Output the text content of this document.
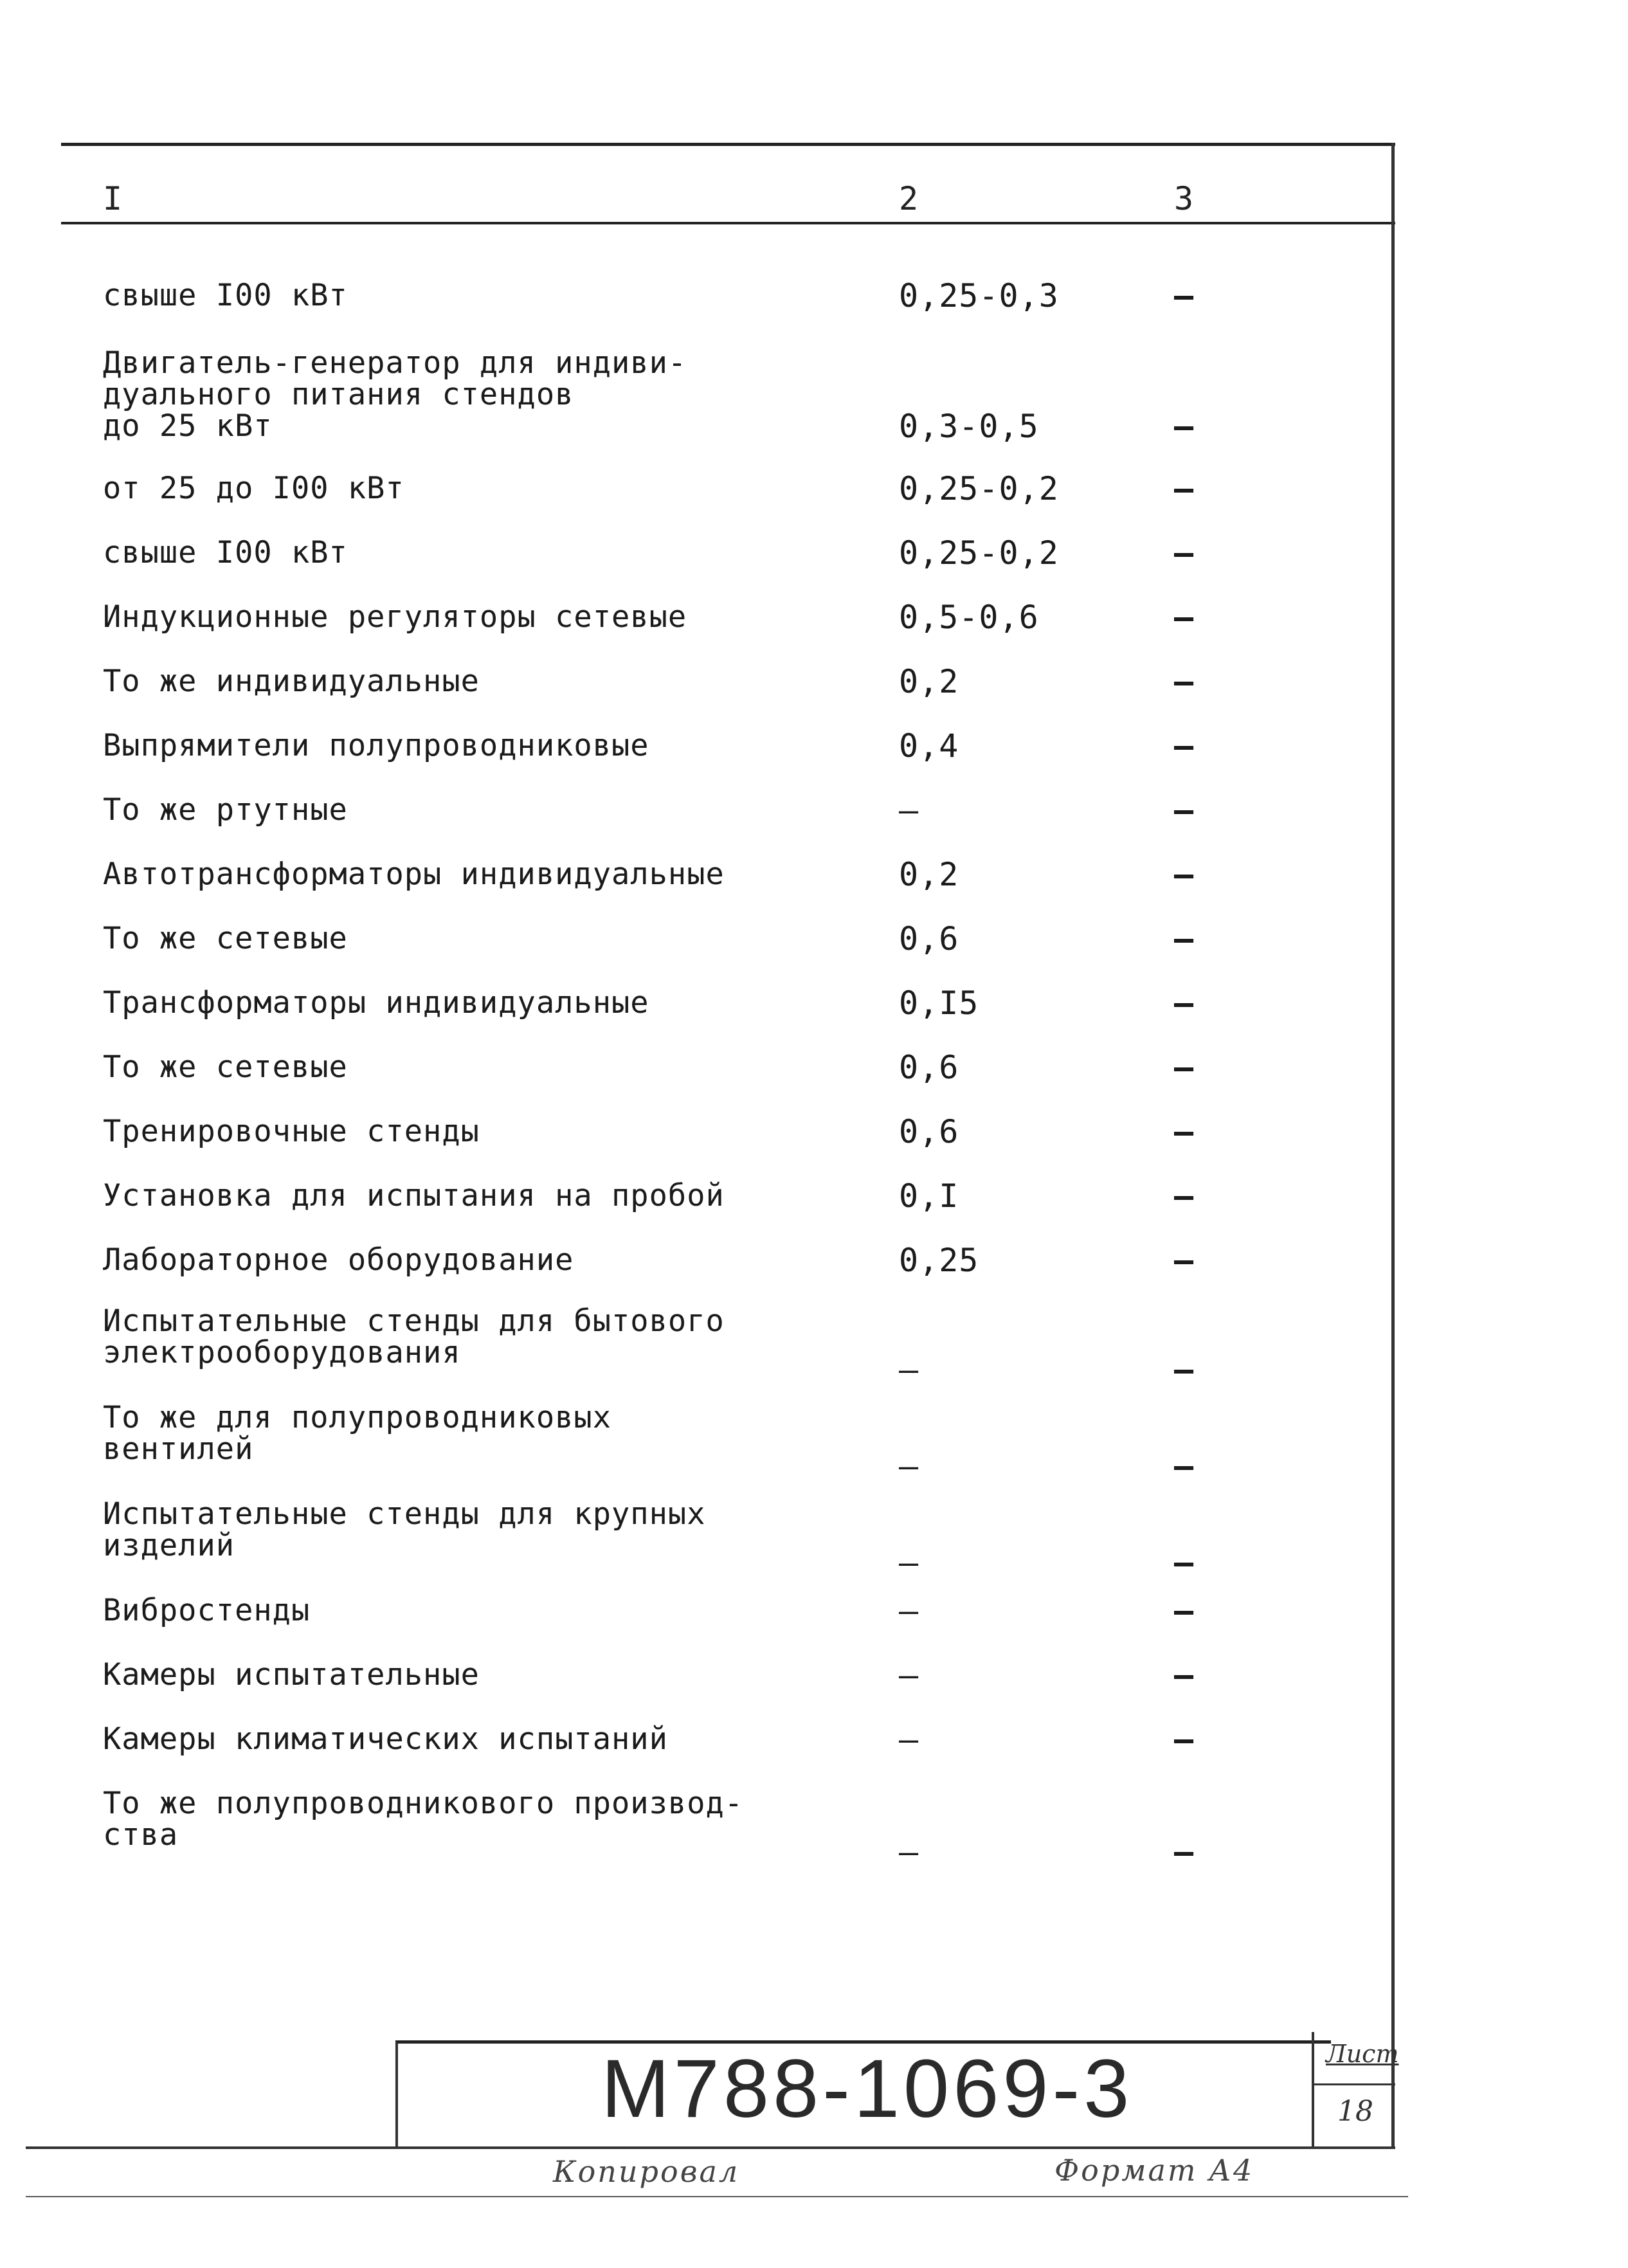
I	2	3
свыше I00 кВт	0,25-0,3	–
Двигатель-генератор для индиви-
дуального питания стендов
до 25 кВт	0,3-0,5	–
от 25 до I00 кВт	0,25-0,2	–
свыше I00 кВт	0,25-0,2	–
Индукционные регуляторы сетевые	0,5-0,6	–
То же индивидуальные	0,2	–
Выпрямители полупроводниковые	0,4	–
То же ртутные	–	–
Автотрансформаторы индивидуальные	0,2	–
То же сетевые	0,6	–
Трансформаторы индивидуальные	0,I5	–
То же сетевые	0,6	–
Тренировочные стенды	0,6	–
Установка для испытания на пробой	0,I	–
Лабораторное оборудование	0,25	–
Испытательные стенды для бытового
электрооборудования	–	–
То же для полупроводниковых
вентилей	–	–
Испытательные стенды для крупных
изделий	–	–
Вибростенды	–	–
Камеры испытательные	–	–
Камеры климатических испытаний	–	–
То же полупроводникового производ-
ства	–	–
М788-1069-3	Лист
18
Копировал	Формат А4
